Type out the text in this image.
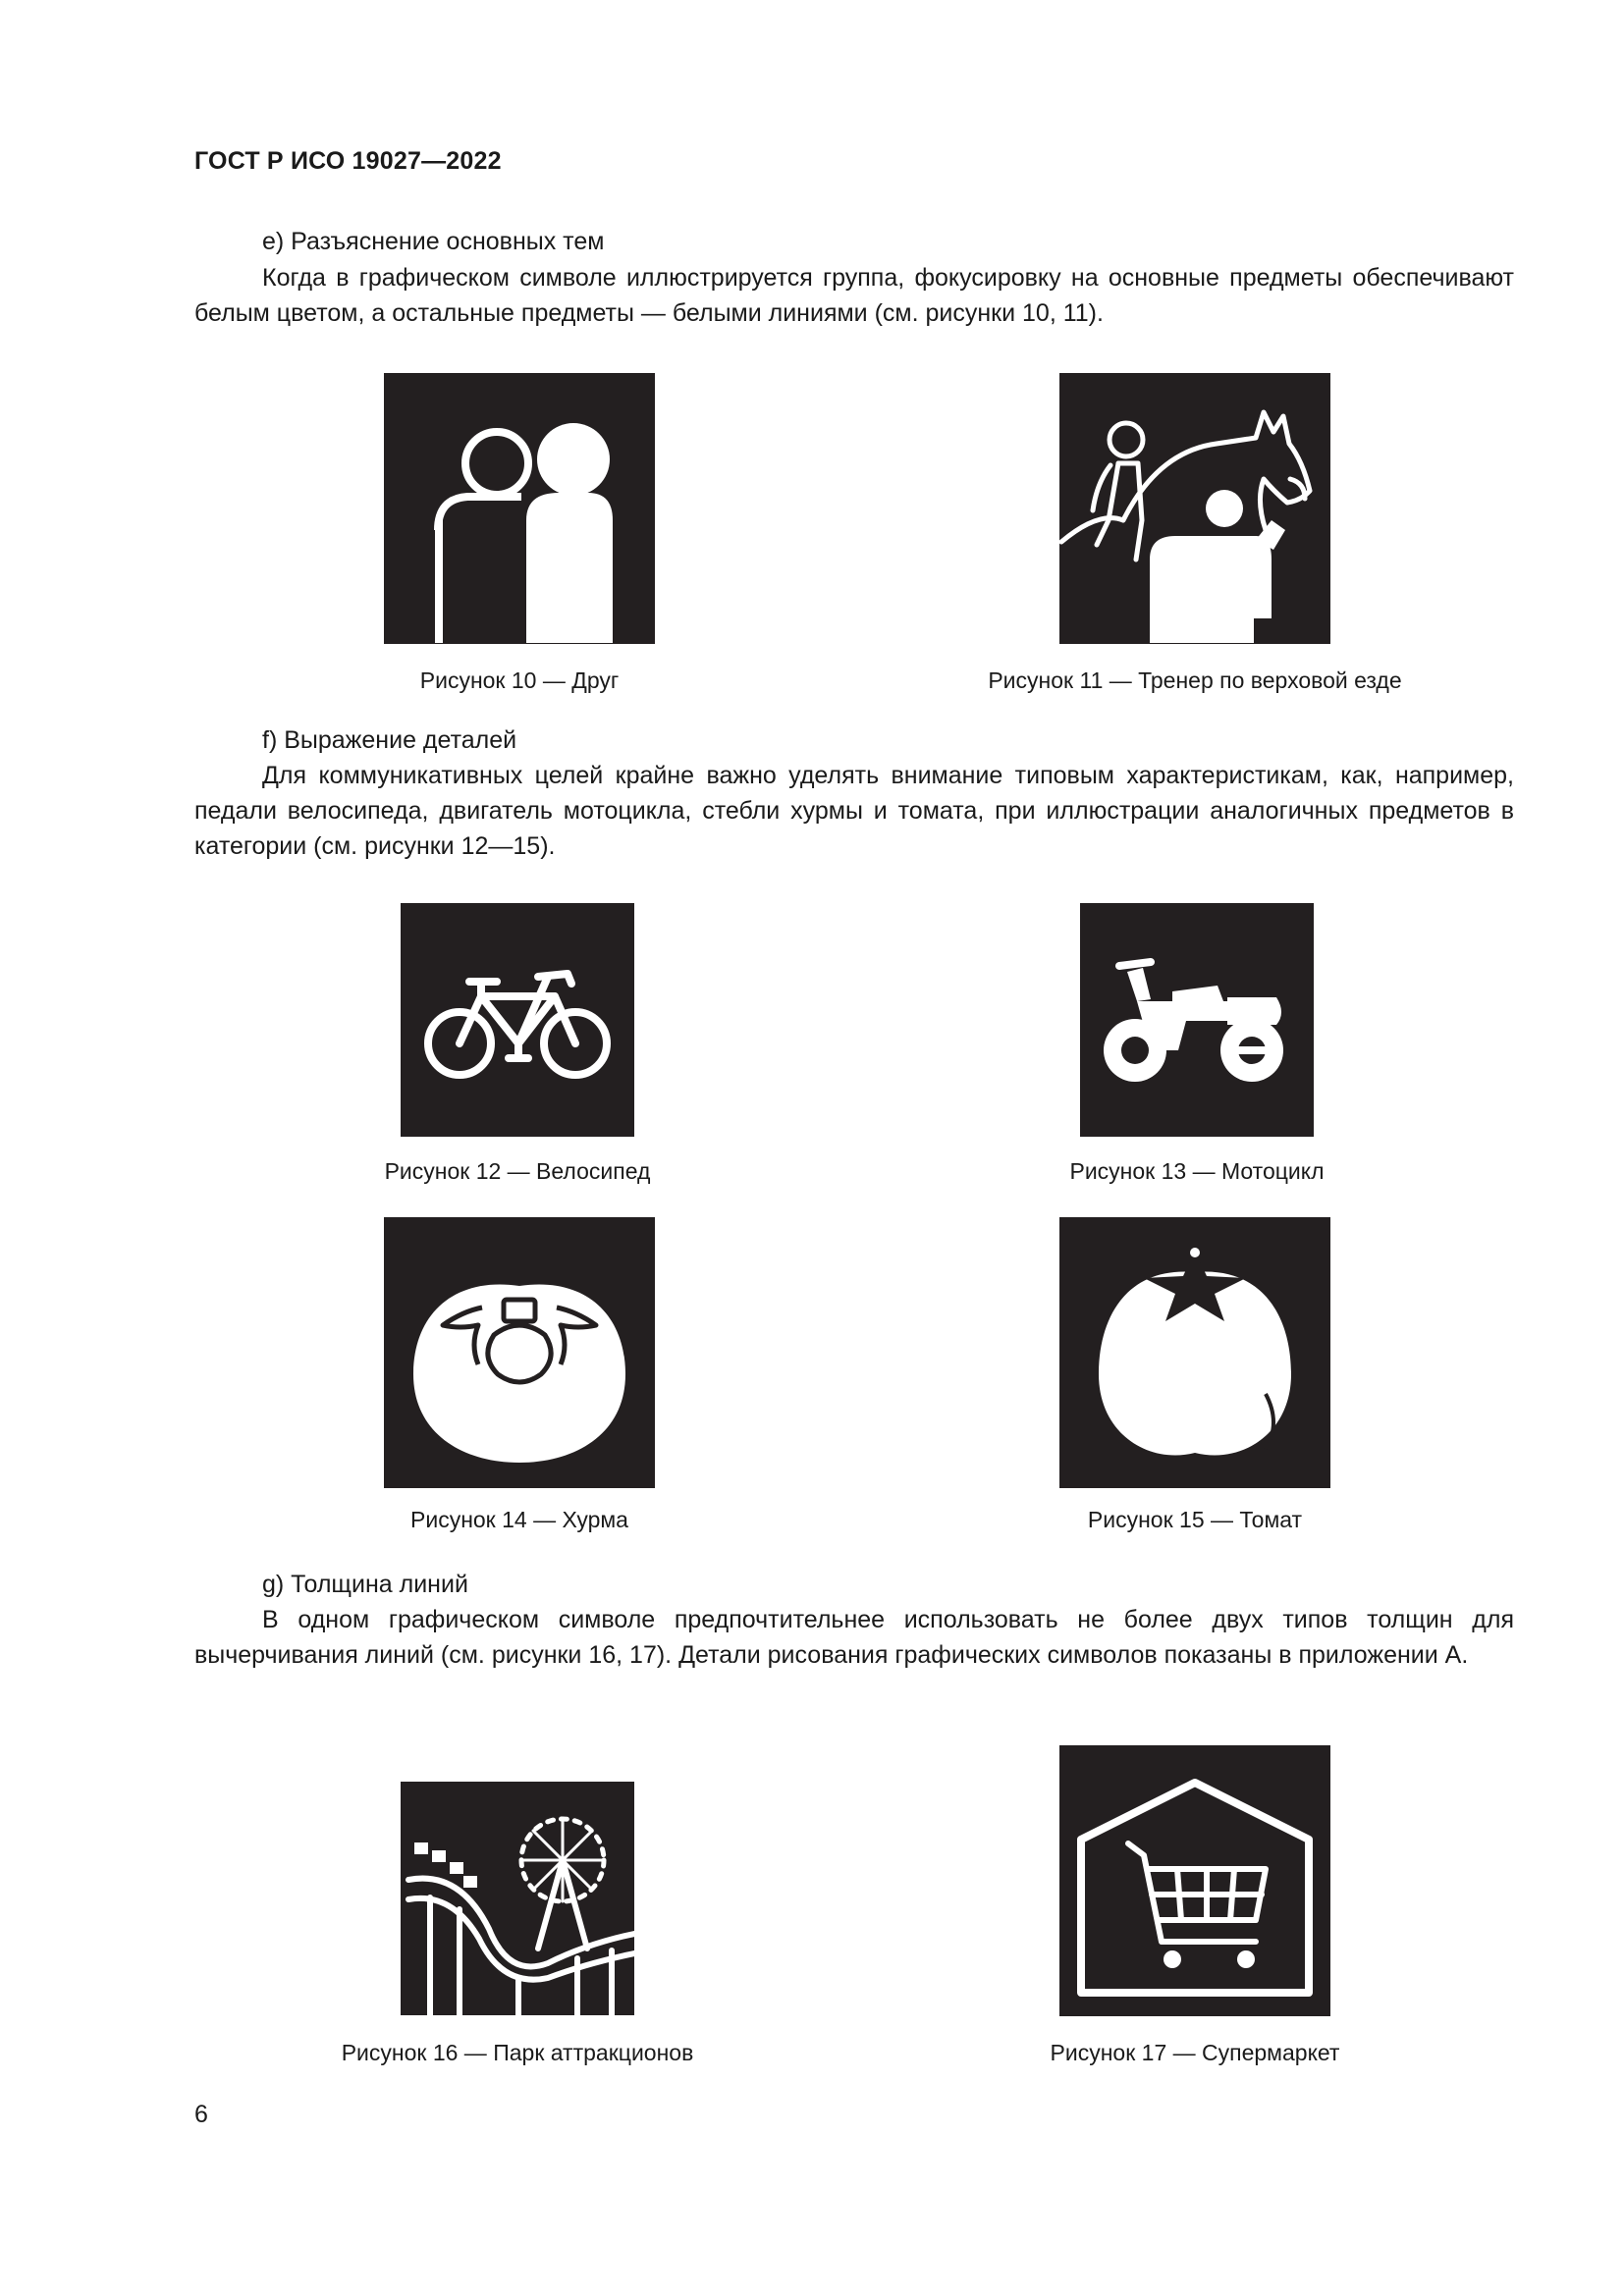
ГОСТ Р ИСО 19027—2022
e) Разъяснение основных тем
Когда в графическом символе иллюстрируется группа, фокусировку на основные предметы обеспечивают белым цветом, а остальные предметы — белыми линиями (см. рисунки 10, 11).
Рисунок 10 — Друг	Рисунок 11 — Тренер по верховой езде
f) Выражение деталей
Для коммуникативных целей крайне важно уделять внимание типовым характеристикам, как, например, педали велосипеда, двигатель мотоцикла, стебли хурмы и томата, при иллюстрации аналогичных предметов в категории (см. рисунки 12—15).
Рисунок 12 — Велосипед	Рисунок 13 — Мотоцикл
Рисунок 14 — Хурма	Рисунок 15 — Томат
g) Толщина линий
В одном графическом символе предпочтительнее использовать не более двух типов толщин для вычерчивания линий (см. рисунки 16, 17). Детали рисования графических символов показаны в приложении А.
Рисунок 16 — Парк аттракционов	Рисунок 17 — Супермаркет
6
